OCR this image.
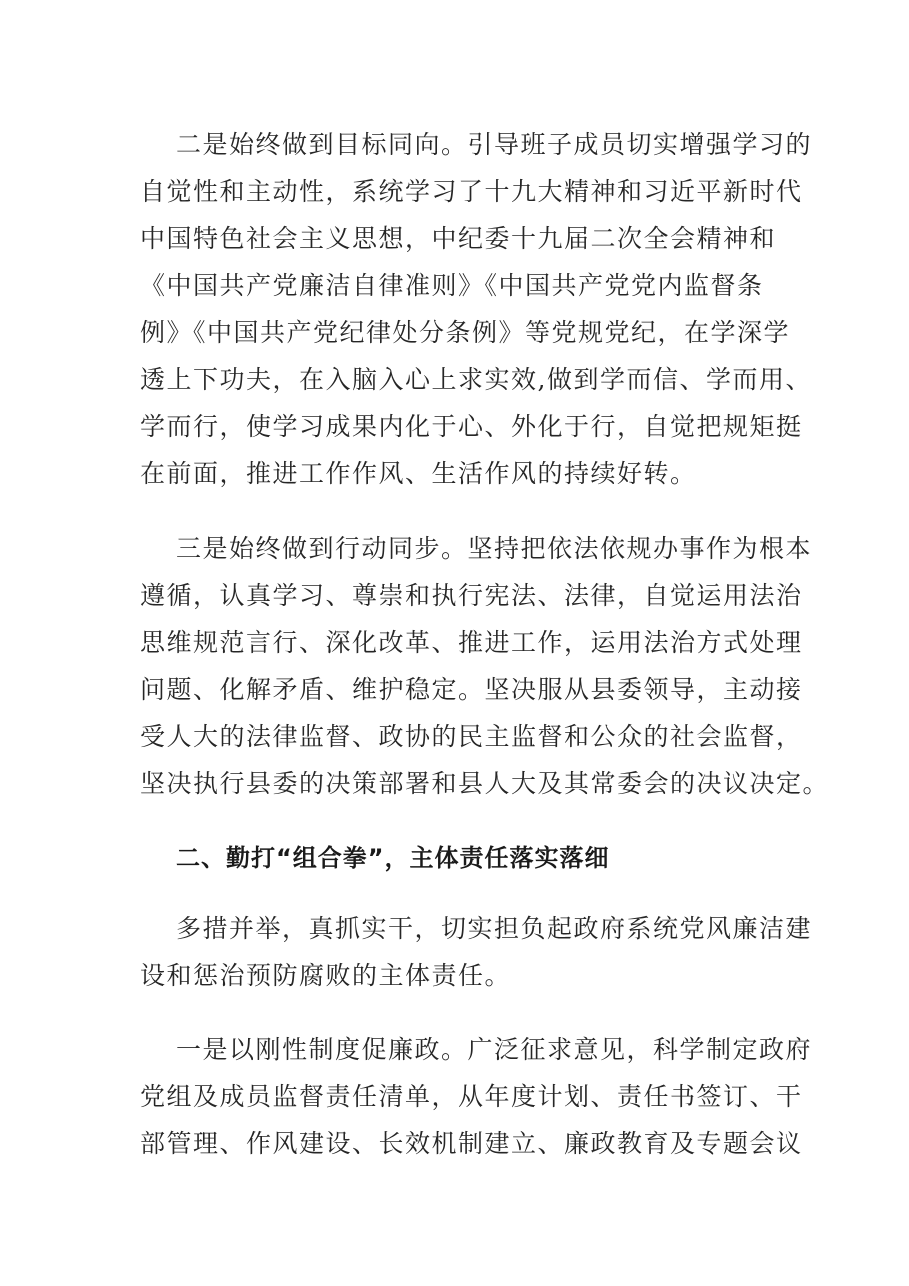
二是始终做到目标同向。引导班子成员切实增强学习的
自觉性和主动性，系统学习了十九大精神和习近平新时代
中国特色社会主义思想，中纪委十九届二次全会精神和
《中国共产党廉洁自律准则》《中国共产党党内监督条
例》《中国共产党纪律处分条例》等党规党纪，在学深学
透上下功夫，在入脑入心上求实效,做到学而信、学而用、
学而行，使学习成果内化于心、外化于行，自觉把规矩挺
在前面，推进工作作风、生活作风的持续好转。
三是始终做到行动同步。坚持把依法依规办事作为根本
遵循，认真学习、尊崇和执行宪法、法律，自觉运用法治
思维规范言行、深化改革、推进工作，运用法治方式处理
问题、化解矛盾、维护稳定。坚决服从县委领导，主动接
受人大的法律监督、政协的民主监督和公众的社会监督，
坚决执行县委的决策部署和县人大及其常委会的决议决定。
二、勤打“组合拳”，主体责任落实落细
多措并举，真抓实干，切实担负起政府系统党风廉洁建
设和惩治预防腐败的主体责任。
一是以刚性制度促廉政。广泛征求意见，科学制定政府
党组及成员监督责任清单，从年度计划、责任书签订、干
部管理、作风建设、长效机制建立、廉政教育及专题会议
